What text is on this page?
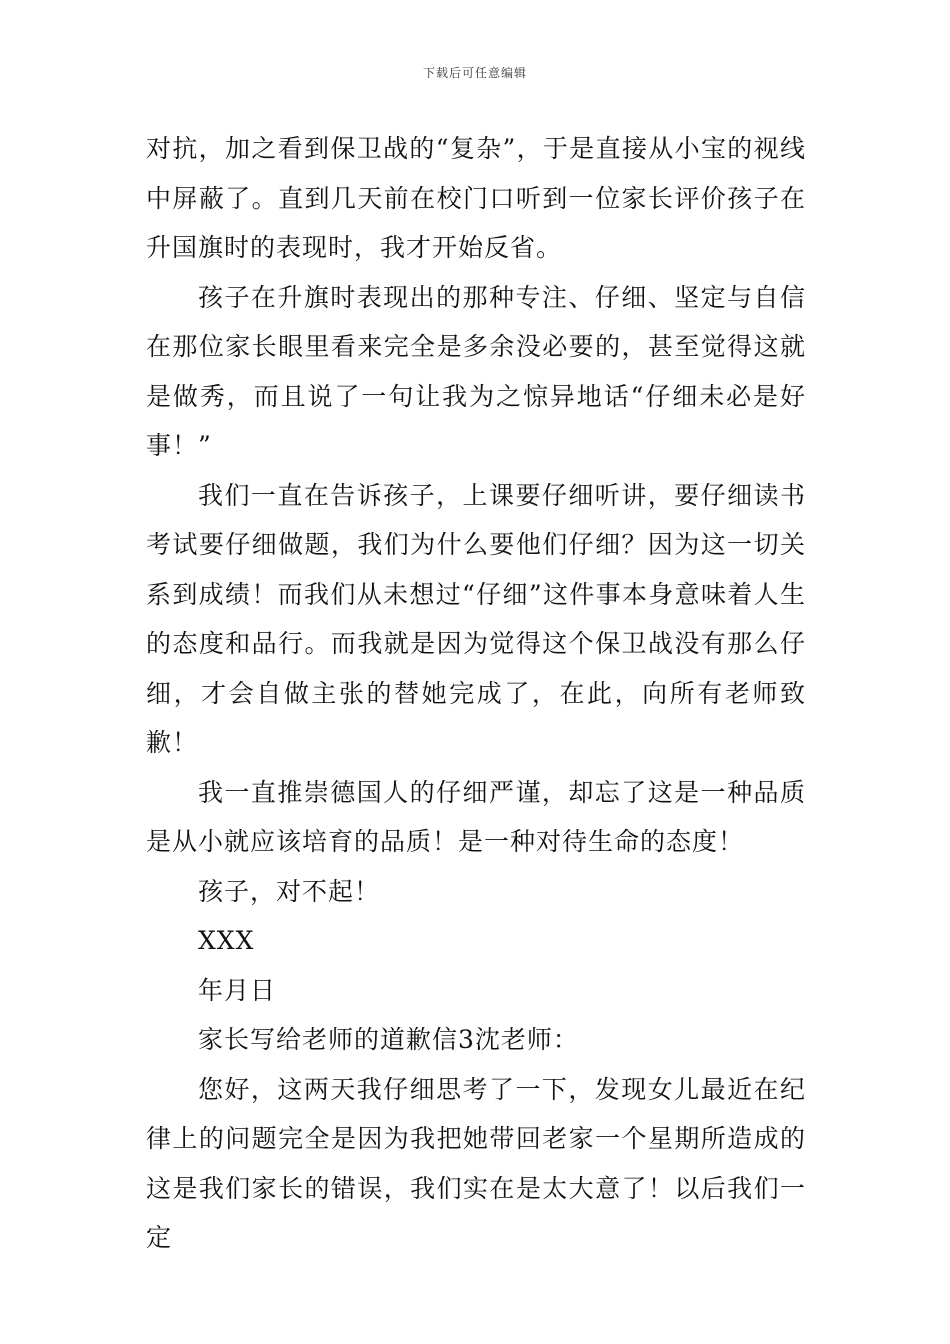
下载后可任意编辑

对抗，加之看到保卫战的“复杂”，于是直接从小宝的视线中屏蔽了。直到几天前在校门口听到一位家长评价孩子在升国旗时的表现时，我才开始反省。

孩子在升旗时表现出的那种专注、仔细、坚定与自信在那位家长眼里看来完全是多余没必要的，甚至觉得这就是做秀，而且说了一句让我为之惊异地话“仔细未必是好事！”

我们一直在告诉孩子，上课要仔细听讲，要仔细读书考试要仔细做题，我们为什么要他们仔细？因为这一切关系到成绩！而我们从未想过“仔细”这件事本身意味着人生的态度和品行。而我就是因为觉得这个保卫战没有那么仔细，才会自做主张的替她完成了，在此，向所有老师致歉！

我一直推崇德国人的仔细严谨，却忘了这是一种品质是从小就应该培育的品质！是一种对待生命的态度！

孩子，对不起！

XXX

年月日

家长写给老师的道歉信3沈老师：

您好，这两天我仔细思考了一下，发现女儿最近在纪律上的问题完全是因为我把她带回老家一个星期所造成的这是我们家长的错误，我们实在是太大意了！以后我们一定
